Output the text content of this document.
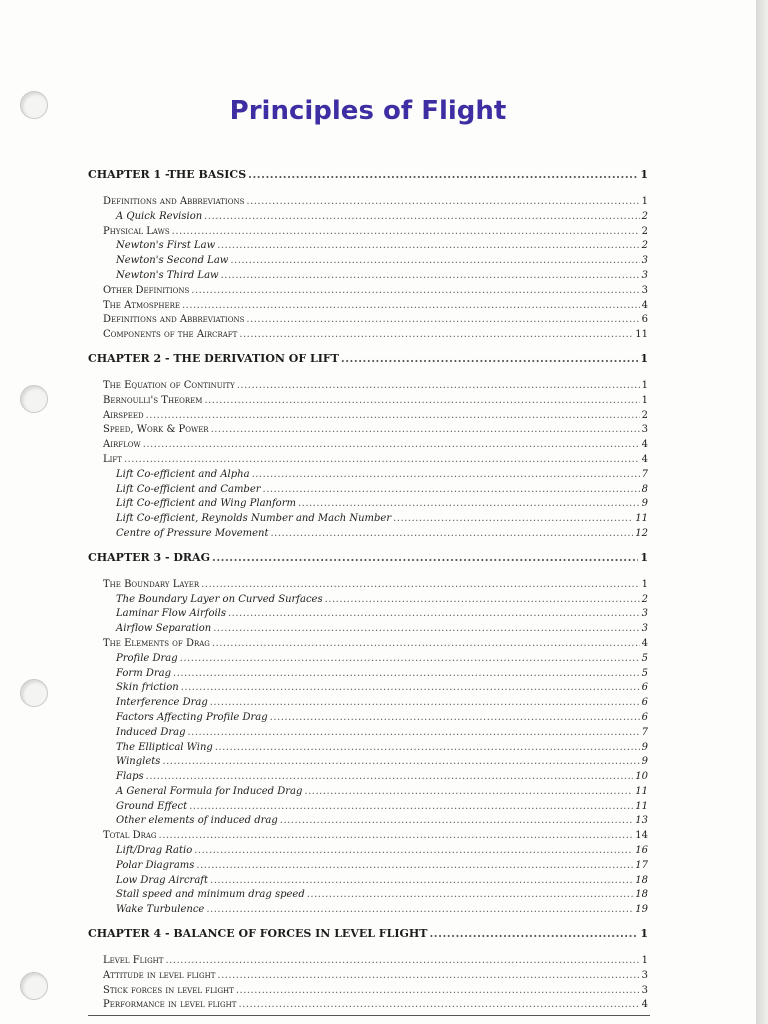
Principles of Flight
CHAPTER 1 -THE BASICS .....	1
Definitions and Abbreviations .....	1
A Quick Revision .....	2
Physical Laws .....	2
Newton's First Law .....	2
Newton's Second Law .....	3
Newton's Third Law .....	3
Other Definitions .....	3
The Atmosphere .....	4
Definitions and Abbreviations .....	6
Components of the Aircraft .....	11
CHAPTER 2 - THE DERIVATION OF LIFT .....	1
The Equation of Continuity .....	1
Bernoulli's Theorem .....	1
Airspeed .....	2
Speed, Work & Power .....	3
Airflow .....	4
Lift .....	4
Lift Co-efficient and Alpha .....	7
Lift Co-efficient and Camber .....	8
Lift Co-efficient and Wing Planform .....	9
Lift Co-efficient, Reynolds Number and Mach Number .....	11
Centre of Pressure Movement .....	12
CHAPTER 3 - DRAG .....	1
The Boundary Layer .....	1
The Boundary Layer on Curved Surfaces .....	2
Laminar Flow Airfoils .....	3
Airflow Separation .....	3
The Elements of Drag .....	4
Profile Drag .....	5
Form Drag .....	5
Skin friction .....	6
Interference Drag .....	6
Factors Affecting Profile Drag .....	6
Induced Drag .....	7
The Elliptical Wing .....	9
Winglets .....	9
Flaps .....	10
A General Formula for Induced Drag .....	11
Ground Effect .....	11
Other elements of induced drag .....	13
Total Drag .....	14
Lift/Drag Ratio .....	16
Polar Diagrams .....	17
Low Drag Aircraft .....	18
Stall speed and minimum drag speed .....	18
Wake Turbulence .....	19
CHAPTER 4 - BALANCE OF FORCES IN LEVEL FLIGHT .....	1
Level Flight .....	1
Attitude in level flight .....	3
Stick forces in level flight .....	3
Performance in level flight .....	4
